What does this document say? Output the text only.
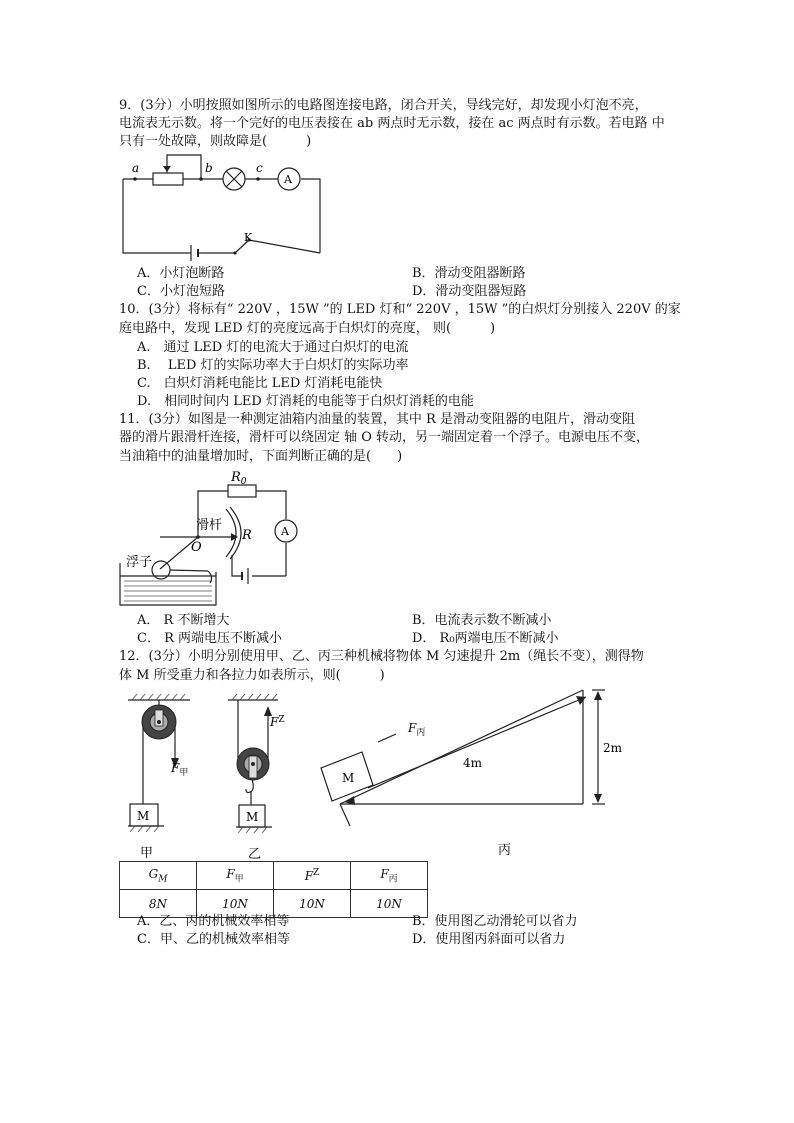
9．(3分）小明按照如图所示的电路图连接电路，闭合开关，导线完好，却发现小灯泡不亮，
电流表无示数。将一个完好的电压表接在 ab 两点时无示数，接在 ac 两点时有示数。若电路 中
只有一处故障，则故障是(　　　)
a	b	c
A
K
A．小灯泡断路	B．滑动变阻器断路
C．小灯泡短路	D．滑动变阻器短路
10．(3分）将标有“ 220V ，15W ”的 LED 灯和“ 220V ，15W ”的白炽灯分别接入 220V 的家
庭电路中，发现 LED 灯的亮度远高于白炽灯的亮度， 则(　　　)
A.　通过 LED 灯的电流大于通过白炽灯的电流
B.　 LED 灯的实际功率大于白炽灯的实际功率
C.　白炽灯消耗电能比 LED 灯消耗电能快
D.　相同时间内 LED 灯消耗的电能等于白炽灯消耗的电能
11．(3分）如图是一种测定油箱内油量的装置，其中 R 是滑动变阻器的电阻片，滑动变阻
器的滑片跟滑杆连接，滑杆可以绕固定 轴 O 转动，另一端固定着一个浮子。电源电压不变，
当油箱中的油量增加时，下面判断正确的是(　　)
$R_0$
滑杆
O
R	A
浮子
A． R 不断增大	B．电流表示数不断减小
C． R 两端电压不断减小	D． R₀两端电压不断减小
12．(3分）小明分别使用甲、乙、丙三种机械将物体 M 匀速提升 2m（绳长不变），测得物
体 M 所受重力和各拉力如表所示，则(　　　)
$F_甲$
M
甲
$F^Z$
M
乙
M
$F_丙$
4m
2m
丙
$G_M$	$F_甲$	$F^Z$	$F_丙$
8N	10N	10N	10N
A．乙、丙的机械效率相等	B．使用图乙动滑轮可以省力
C．甲、乙的机械效率相等	D．使用图丙斜面可以省力
